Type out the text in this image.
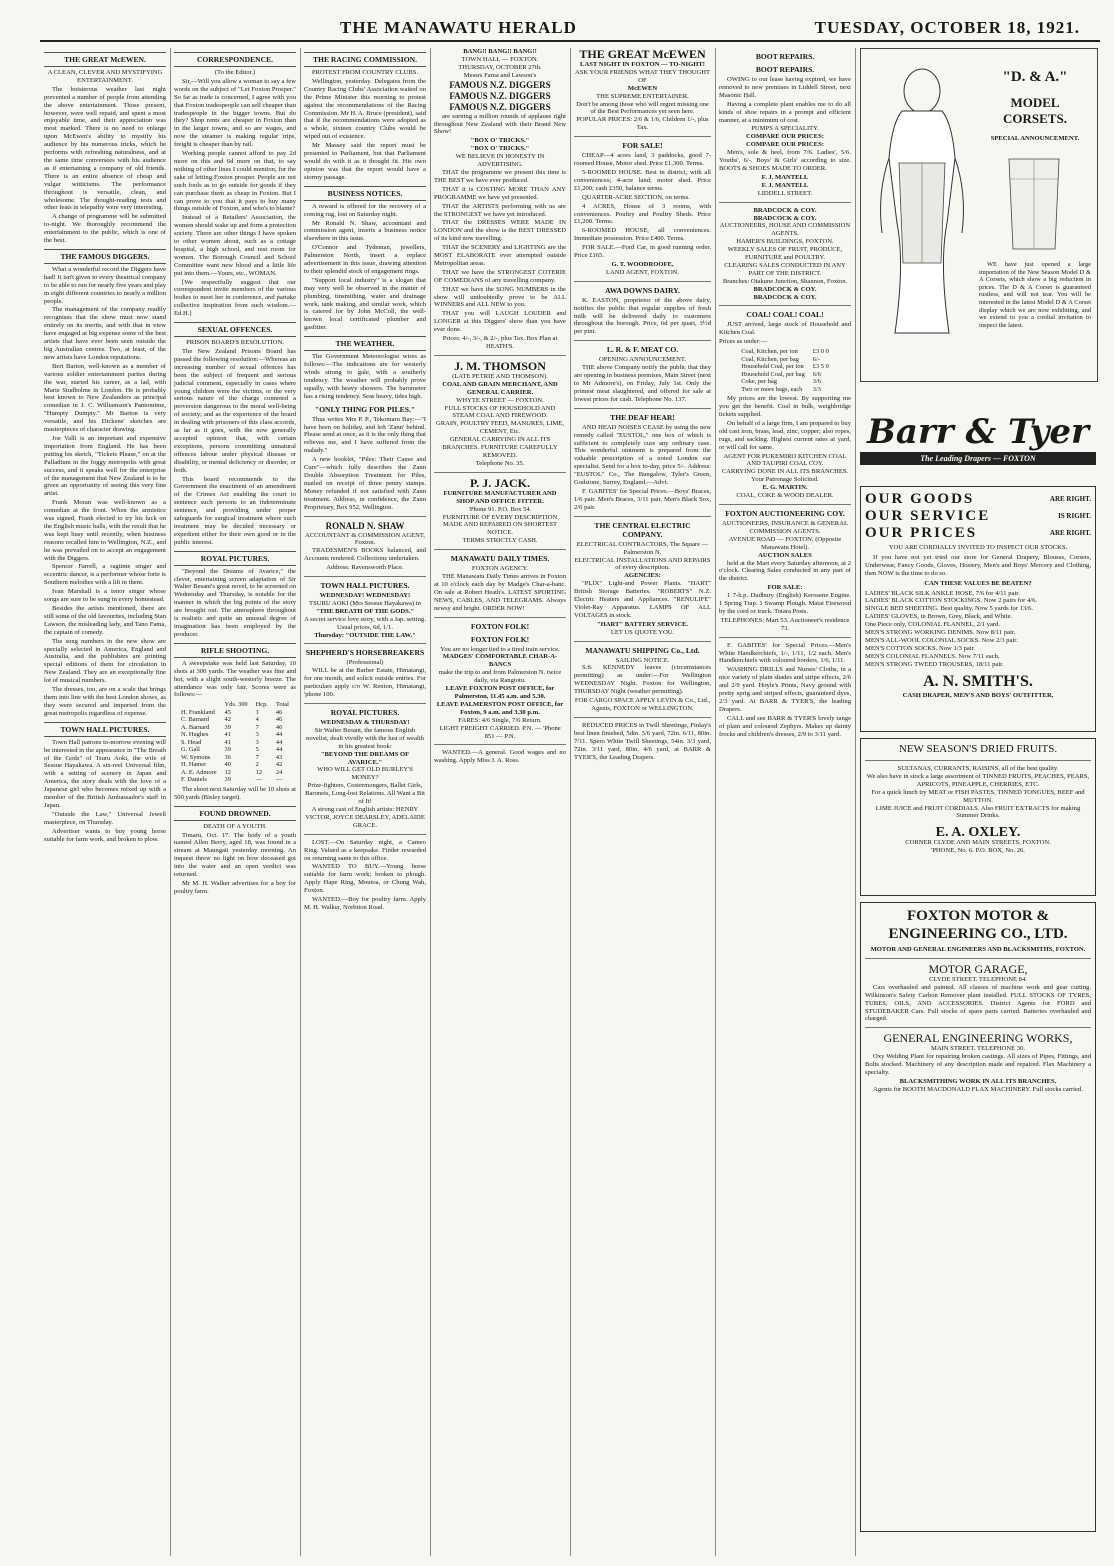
THE MANAWATU HERALD	TUESDAY, OCTOBER 18, 1921.
THE GREAT McEWEN.
A CLEAN, CLEVER AND MYSTIFYING ENTERTAINMENT.

The boisterous weather last night prevented a number of people from attending the above entertainment. Those present, however, were well repaid, and spent a most enjoyable time, and their appreciation was most marked. There is no need to enlarge upon McEwen's ability to mystify his audience by his numerous tricks, which he performs with refreshing naturalness, and at the same time conversees with his audience as if entertaining a company of old friends. There is an entire absence of cheap and vulgar witticisms. The performance throughout is versatile, clean, and wholesome. The thought-reading tests and other feats in telepathy were very interesting.

A change of programme will be submitted to-night. We thoroughly recommend the entertainment to the public, which is one of the best.

THE FAMOUS DIGGERS.

What a wonderful record the Diggers have had! It isn't given to every theatrical company to be able to run for nearly five years and play in eight different countries to nearly a million people.

The management of the company readily recognises that the show must now stand entirely on its merits, and with that in view have engaged at big expense some of the best artists that have ever been seen outside the big Australian centres. Two, at least, of the new artists have London reputations.

Bert Barton, well-known as a member of various soldier entertainment parties during the war, started his career, as a lad, with Marie Studholme in London. He is probably best known to New Zealanders as principal comedian in J. C. Williamson's Pantomime, "Humpty Dumpty." Mr Barton is very versatile, and his Dickens' sketches are masterpieces of character drawing.

Joe Valli is an important and expensive importation from England. He has been putting his sketch, "Tickets Please," on at the Palladium in the foggy metropolis with great success, and it speaks well for the enterprise of the management that New Zealand is to be given an opportunity of seeing this very fine artist.

Frank Moran was well-known as a comedian at the front. When the armistice was signed, Frank elected to try his luck on the English music halls, with the result that he was kept busy until recently, when business reasons recalled him to Wellington, N.Z., and he was prevailed on to accept an engagement with the Diggers.

Spencer Farrell, a ragtime singer and eccentric dancer, is a performer whose forte is Southern melodies with a lilt in them.

Ivan Marshall is a tenor singer whose songs are sure to be sung in every homestead.

Besides the artists mentioned, there are still some of the old favourites, including Stan Lawson, the misleading lady, and Tano Fama, the captain of comedy.

The song numbers in the new show are specially selected in America, England and Australia, and the publishers are printing special editions of them for circulation in New Zealand. They are an exceptionally fine lot of musical numbers.

The dresses, too, are on a scale that brings them into line with the best London shows, as they were secured and imported from the great metropolis regardless of expense.

TOWN HALL PICTURES.

Town Hall patrons to-morrow evening will be interested in the appearance in "The Breath of the Gods" of Tsuru Aoki, the wife of Sessue Hayakawa. A six-reel Universal film, with a setting of scenery in Japan and America, the story deals with the love of a Japanese girl who becomes mixed up with a member of the British Ambassador's staff in Japan.

"Outside the Law," Universal Jewell masterpiece, on Thursday.

Advertiser wants to buy young horse suitable for farm work, and broken to plow.

CORRESPONDENCE.
(To the Editor.)

Sir,—Will you allow a woman to say a few words on the subject of "Let Foxton Prosper." So far as trade is concerned, I agree with you that Foxton tradespeople can sell cheaper than tradespeople in the bigger towns. But do they? Shop rents are cheaper in Foxton than in the larger towns, and so are wages, and now the steamer is making regular trips, freight is cheaper than by rail.

Working people cannot afford to pay 2d more on this and 6d more on that, to say nothing of other lines I could mention, for the sake of letting Foxton prosper. People are not such fools as to go outside for goods if they can purchase them as cheap in Foxton. But I can prove to you that it pays to buy many things outside of Foxton, and who's to blame?

Instead of a Retailers' Association, the women should wake up and form a protection society. There are other things I have spoken to other women about, such as a cottage hospital, a high school, and rest room for women. The Borough Council and School Committee want new blood and a little life put into them.—Yours, etc., WOMAN.

[We respectfully suggest that our correspondent invite members of the various bodies to meet her in conference, and partake collective inspiration from such wisdom.—Ed.H.]

SEXUAL OFFENCES.
PRISON BOARD'S RESOLUTION.

The New Zealand Prisons Board has passed the following resolution:—Whereas an increasing number of sexual offences has been the subject of frequent and serious judicial comment, especially in cases where young children were the victims, or the very serious nature of the charge connoted a perversion dangerous to the moral well-being of society; and as the experience of the board in dealing with prisoners of this class accords, as far as it goes, with the now generally accepted opinion that, with certain exceptions, persons committing unnatural offences labour under physical disease or disability, or mental deficiency or disorder, or both.

This board recommends to the Government the enactment of an amendment of the Crimes Act enabling the court to sentence such persons to an indeterminate sentence, and providing under proper safeguards for surgical treatment where such treatment may be decided necessary or expedient either for their own good or in the public interest.

ROYAL PICTURES.

"Beyond the Dreams of Avarice," the clever, entertaining screen adaptation of Sir Walter Besant's great novel, to be screened on Wednesday and Thursday, is notable for the manner in which the big points of the story are brought out. The atmosphere throughout is realistic and quite an unusual degree of imagination has been employed by the producer.

RIFLE SHOOTING.

A sweepstake was held last Saturday, 10 shots at 300 yards. The weather was fine and hot, with a slight south-westerly breeze. The attendance was only fair. Scores were as follows:—

	Yds. 300	Hcp.	Total
H. Frankland	45	1	46
C. Barnard	42	4	46
A. Barnard	39	7	46
N. Hughes	41	3	44
S. Head	41	3	44
G. Gall	39	5	44
W. Symons	36	7	43
H. Hamer	40	2	42
A. E. Admore	12	12	24
F. Daniels	39	—	—

The shoot next Saturday will be 10 shots at 500 yards (Bisley target).

FOUND DROWNED.
DEATH OF A YOUTH.

Timaru, Oct. 17. The body of a youth named Allen Berry, aged 18, was found in a stream at Maungati yesterday morning. An inquest threw no light on how deceased got into the water and an open verdict was returned.

Mr M. H. Walker advertises for a boy for poultry farm.

THE RACING COMMISSION.
PROTEST FROM COUNTRY CLUBS.

Wellington, yesterday. Delegates from the Country Racing Clubs' Association waited on the Prime Minister this morning to protest against the recommendations of the Racing Commission. Mr H. A. Bruce (president), said that if the recommendations were adopted as a whole, sixteen country Clubs would be wiped out of existence.

Mr Massey said the report must be presented to Parliament, but that Parliament would do with it as it thought fit. His own opinion was that the report would have a stormy passage.

BUSINESS NOTICES.

A reward is offered for the recovery of a coming rug, lost on Saturday night.

Mr Ronald N. Shaw, accountant and commission agent, inserts a business notice elsewhere in this issue.

O'Connor and Tydeman, jewellers, Palmerston North, insert a replace advertisement in this issue, drawing attention to their splendid stock of engagement rings.

"Support local industry" is a slogan that may very well be observed in the matter of plumbing, tinsmithing, water and drainage work, tank making, and similar work, which is catered for by John McColl, the well-known local certificated plumber and gasfitter.

THE WEATHER.

The Government Meteorologist wires as follows:—The indications are for westerly winds strong to gale, with a southerly tendency. The weather will probably prove squally, with heavy showers. The barometer has a rising tendency. Seas heavy, tides high.

"ONLY THING FOR PILES."

Thus writes Mrs P. P., Tekomaru Bay:—"I have been on holiday, and left 'Zann' behind. Please send at once, as it is the only thing that relieves me, and I have suffered from the malady."

A new booklet, "Piles: Their Cause and Cure"—which fully describes the Zann Double Absorption Treatment for Piles, mailed on receipt of three penny stamps. Money refunded if not satisfied with Zann treatment. Address, in confidence, the Zann Proprietary, Box 952, Wellington.

RONALD N. SHAW
ACCOUNTANT & COMMISSION AGENT,
Foxton.

TRADESMEN'S BOOKS balanced, and Accounts rendered. Collections undertaken.

Address: Ravensworth Place.
TOWN HALL PICTURES.
WEDNESDAY! WEDNESDAY!
TSURU AOKI (Mrs Sessue Hayakawa) in
"THE BREATH OF THE GODS."
A secret service love story, with a Jap. setting. Usual prices, 6d, 1/1.
Thursday: "OUTSIDE THE LAW."
SHEPHERD'S HORSEBREAKERS
(Professional)

WILL be at the Barber Estate, Himatangi, for one month, and solicit outside entries. For particulars apply c/o W. Renton, Himatangi, 'phone 100.

ROYAL PICTURES.
WEDNESDAY & THURSDAY!
Sir Walter Besant, the famous English novelist, dealt vividly with the lust of wealth in his greatest book:
"BEYOND THE DREAMS OF AVARICE."
WHO WILL GET OLD BURLEY'S MONEY?
Prize-fighters, Costermongers, Ballet Girls, Baronets, Long-lost Relations. All Want a Bit of It!
A strong cast of English artists: HENRY VICTOR, JOYCE DEARSLEY, ADELAIDE GRACE.

LOST.—On Saturday night, a Cameo Ring. Valued as a keepsake. Finder rewarded on returning same to this office.

WANTED TO BUY.—Young horse suitable for farm work; broken to plough. Apply Hape Ring, Moutoa, or Chung Wah, Foxton.

WANTED.—Boy for poultry farm. Apply M. H. Walker, Norbiton Road.

BANG!! BANG!! BANG!!
TOWN HALL — FOXTON.
THURSDAY, OCTOBER 27th.
Messrs Fama and Lawson's
FAMOUS N.Z. DIGGERS
FAMOUS N.Z. DIGGERS
FAMOUS N.Z. DIGGERS

are earning a million rounds of applause right throughout New Zealand with their Brand New Show!

"BOX O' TRICKS."
"BOX O' TRICKS."
WE BELIEVE IN HONESTY IN ADVERTISING.

THAT the programme we present this time is THE BEST we have ever produced.

THAT it is COSTING MORE THAN ANY PROGRAMME we have yet presented.

THAT the ARTISTS performing with us are the STRONGEST we have yet introduced.

THAT the DRESSES WERE MADE IN LONDON and the show is the BEST DRESSED of its kind now travelling.

THAT the SCENERY and LIGHTING are the MOST ELABORATE ever attempted outside Metropolitan areas.

THAT we have the STRONGEST COTERIE OF COMEDIANS of any travelling company.

THAT we have the SONG NUMBERS in the show will undoubtedly prove to be ALL WINNERS and ALL NEW to you.

THAT you will LAUGH LOUDER and LONGER at this Diggers' show than you have ever done.

Prices: 4/-, 3/-, & 2/-, plus Tax. Box Plan at HEATH'S.
J. M. THOMSON
(LATE PETRIE AND THOMSON).
COAL AND GRAIN MERCHANT, AND GENERAL CARRIER.
WHYTE STREET — FOXTON.
FULL STOCKS OF HOUSEHOLD AND STEAM COAL AND FIREWOOD.
GRAIN, POULTRY FEED, MANURES, LIME, CEMENT, Etc.
GENERAL CARRYING IN ALL ITS BRANCHES. FURNITURE CAREFULLY REMOVED.
Telephone No. 35.
P. J. JACK.
FURNITURE MANUFACTURER AND SHOP AND OFFICE FITTER.
'Phone 91. P.O. Box 54.
FURNITURE OF EVERY DESCRIPTION MADE AND REPAIRED ON SHORTEST NOTICE.
TERMS STRICTLY CASH.
MANAWATU DAILY TIMES.
FOXTON AGENCY.

THE Manawatu Daily Times arrives in Foxton at 10 o'clock each day by Madge's Char-a-banc. On sale at Robert Heath's. LATEST SPORTING NEWS, CABLES, AND TELEGRAMS. Always newsy and bright. ORDER NOW!

FOXTON FOLK!
FOXTON FOLK!
You are no longer tied to a tired train service.
MADGES' COMFORTABLE CHAR-A-BANCS
make the trip to and from Palmerston N. twice daily, via Rangiotu.
LEAVE FOXTON POST OFFICE, for Palmerston, 11.45 a.m. and 5.30.
LEAVE PALMERSTON POST OFFICE, for Foxton, 9 a.m. and 3.30 p.m.
FARES: 4/6 Single, 7/6 Return.
LIGHT FREIGHT CARRIED. P.N. — 'Phone 851 — P.N.

WANTED.—A general. Good wages and no washing. Apply Miss J. A. Ross.

THE GREAT McEWEN
LAST NIGHT IN FOXTON — TO-NIGHT!
ASK YOUR FRIENDS WHAT THEY THOUGHT OF
McEWEN
THE SUPREME ENTERTAINER.
Don't be among those who will regret missing one of the Best Performances yet seen here.
POPULAR PRICES: 2/6 & 1/6, Children 1/-, plus Tax.
FOR SALE!

CHEAP—4 acres land, 3 paddocks, good 7-roomed House, Motor shed. Price £1,300. Terms.

5-ROOMED HOUSE. Best in district, with all conveniences; 4-acre land; motor shed. Price £1,200; cash £350, balance terms.

QUARTER-ACRE SECTION, on terms.

4 ACRES, House of 3 rooms, with conveniences. Poultry and Poultry Sheds. Price £1,200. Terms.

6-ROOMED HOUSE, all conveniences. Immediate possession. Price £400. Terms.

FOR SALE.—Ford Car, in good running order. Price £165.

G. T. WOODROOFE,
LAND AGENT, FOXTON.
AWA DOWNS DAIRY.

K. EASTON, proprietor of the above dairy, notifies the public that regular supplies of fresh milk will be delivered daily to customers throughout the borough. Price, 6d per quart, 3½d per pint.

L. R. & F. MEAT CO.
OPENING ANNOUNCEMENT.

THE above Company notify the public that they are opening in business premises, Main Street (next to Mr Admore's), on Friday, July 1st. Only the primest meat slaughtered, and offered for sale at lowest prices for cash. Telephone No. 137.

THE DEAF HEAR!

AND HEAD NOISES CEASE by using the new remedy called "EUSTOL," one box of which is sufficient to completely cure any ordinary case. This wonderful ointment is prepared from the valuable prescription of a noted London ear specialist. Send for a box to-day, price 5/-. Address: "EUSTOL" Co., The Bungalow, Tyler's Green, Godstone, Surrey, England.—Advt.

F. GABITES' for Special Prices.—Boys' Braces, 1/6 pair. Men's Braces, 3/11 pair. Men's Black Sox, 2/6 pair.

THE CENTRAL ELECTRIC COMPANY.
ELECTRICAL CONTRACTORS, The Square — Palmerston N.
ELECTRICAL INSTALLATIONS AND REPAIRS of every description.
AGENCIES:

"PLIX" Light-and Power Plants. "HART" British Storage Batteries. "ROBERTS" N.Z. Electric Heaters and Appliances. "RENULIFE" Violet-Ray Apparatus. LAMPS OF ALL VOLTAGES in stock.

"HART" BATTERY SERVICE.
LET US QUOTE YOU.
MANAWATU SHIPPING Co., Ltd.
SAILING NOTICE.

S.S. KENNEDY leaves (circumstances permitting) as under:—For Wellington WEDNESDAY Night. Foxton for Wellington, THURSDAY Night (weather permitting).

FOR CARGO SPACE APPLY LEVIN & Co., Ltd., Agents, FOXTON or WELLINGTON.

REDUCED PRICES in Twill Sheetings, Finlay's best linen finished, 5din. 5/6 yard, 72in. 6/11, 80in. 7/11. Spero White Twill Sheetings, 54in. 3/3 yard, 72in. 3/11 yard, 80in. 4/6 yard, at BARR & TYER'S, the Leading Drapers.

BOOT REPAIRS.
BOOT REPAIRS.

OWING to our lease having expired, we have removed to new premises in Liddell Street, next Masonic Hall.

Having a complete plant enables me to do all kinds of shoe repairs in a prompt and efficient manner, at a minimum of cost.

PUMPS A SPECIALITY.
COMPARE OUR PRICES:
COMPARE OUR PRICES:

Men's, sole & heel, from 7/6. Ladies', 5/6. Youths', 6/-. Boys' & Girls' according to size. BOOTS & SHOES MADE TO ORDER.

F. J. MANTELL
F. J. MANTELL
LIDDELL STREET.
BRADCOCK & COY.
BRADCOCK & COY.
AUCTIONEERS, HOUSE AND COMMISSION AGENTS.
HAMER'S BUILDINGS, FOXTON.
WEEKLY SALES OF FRUIT, PRODUCE, FURNITURE and POULTRY.
CLEARING SALES CONDUCTED IN ANY PART OF THE DISTRICT.
Branches: Otakune Junction, Shannon, Foxton.
BRADCOCK & COY.
BRADCOCK & COY.
COAL! COAL! COAL!

JUST arrived, large stock of Household and Kitchen Coal.

Prices as under:—
Coal, Kitchen, per ton	£3 0 0
Coal, Kitchen, per bag	6/-
Household Coal, per ton	£3 5 0
Household Coal, per bag	6/6
Coke, per bag	3/6
Two or more bags, each	3/3

My prices are the lowest. By supporting me you get the benefit. Coal in bulk, weighbridge tickets supplied.

On behalf of a large firm, I am prepared to buy old cast iron, brass, lead, zinc, copper; also ropes, rugs, and sacking. Highest current rates at yard, or will call for same.

AGENT FOR PUKEMIRO KITCHEN COAL AND TAUPIRI COAL COY.
CARRYING DONE IN ALL ITS BRANCHES. Your Patronage Solicited.
E. G. MARTIN.
COAL, COKE & WOOD DEALER.
FOXTON AUCTIONEERING COY.
AUCTIONEERS, INSURANCE & GENERAL COMMISSION AGENTS.
AVENUE ROAD — FOXTON. (Opposite Manawatu Hotel).
AUCTION SALES

held at the Mart every Saturday afternoon, at 2 o'clock. Clearing Sales conducted in any part of the district.

FOR SALE:

1 7-h.p. Dudbury (English) Kerosene Engine. 1 Spring Trap. 1 Swamp Plough. Matai Firewood by the cord or truck. Totara Posts.

TELEPHONES: Mart 53. Auctioneer's residence 73.

F. GABITES' for Special Prices.—Men's White Handkerchiefs, 1/-, 1/11, 1/2 each. Men's Handkerchiefs with coloured borders, 1/6, 1/11.

WASHING DRILLS and Nurses' Cloths, in a nice variety of plain shades and stripe effects, 2/6 and 2/9 yard. Hoyle's Prints, Navy ground with pretty sprig and striped effects, guaranteed dyes, 2/3 yard. At BARR & TYER'S, the leading Drapers.

CALL and see BARR & TYER'S lovely range of plain and coloured Zephyrs. Makes up dainty frocks and children's dresses, 2/9 to 3/11 yard.

"D. & A."
MODEL CORSETS.
SPECIAL ANNOUNCEMENT.

WE have just opened a large importation of the New Season Model D & A Corsets, which show a big reduction in prices. The D & A Corset is guaranteed rustless, and will not tear. You will be interested in the latest Model D & A Corset display which we are now exhibiting, and we extend to you a cordial invitation to inspect the latest.

Barr & Tyer
The Leading Drapers — FOXTON
OUR GOODS	ARE RIGHT.
OUR SERVICE	IS RIGHT.
OUR PRICES	ARE RIGHT.
YOU ARE CORDIALLY INVITED TO INSPECT OUR STOCKS.

If you have not yet tried our store for General Drapery, Blouses, Corsets, Underwear, Fancy Goods, Gloves, Hosiery, Men's and Boys' Mercery and Clothing, then NOW is the time to do so.

CAN THESE VALUES BE BEATEN?
LADIES' BLACK SILK ANKLE HOSE, 7/6 for 4/11 pair.
LADIES' BLACK COTTON STOCKINGS. Now 2 pairs for 4/6.
SINGLE BED SHEETING. Best quality. Now 5 yards for 13/6.
LADIES' GLOVES, in Brown, Grey, Black, and White.
One Piece only, COLONIAL FLANNEL, 2/1 yard.
MEN'S STRONG WORKING DENIMS. Now 8/11 pair.
MEN'S ALL-WOOL COLONIAL SOCKS. Now 2/3 pair.
MEN'S COTTON SOCKS. Now 1/3 pair.
MEN'S COLONIAL FLANNELS. Now 7/11 each.
MEN'S STRONG TWEED TROUSERS, 18/11 pair.
A. N. SMITH'S.
CASH DRAPER, MEN'S AND BOYS' OUTFITTER,
NEW SEASON'S DRIED FRUITS.
SULTANAS, CURRANTS, RAISINS, all of the best quality.
We also have in stock a large assortment of TINNED FRUITS, PEACHES, PEARS, APRICOTS, PINEAPPLE, CHERRIES, ETC.
For a quick lunch try MEAT or FISH PASTES, TINNED TONGUES, BEEF and MUTTON.
LIME JUICE and FRUIT CORDIALS. Also FRUIT EXTRACTS for making Summer Drinks.
E. A. OXLEY.
CORNER CLYDE AND MAIN STREETS, FOXTON.
'PHONE, No. 6. P.O. BOX, No. 26.
FOXTON MOTOR & ENGINEERING CO., LTD.
MOTOR AND GENERAL ENGINEERS AND BLACKSMITHS, FOXTON.
MOTOR GARAGE,
CLYDE STREET. TELEPHONE 84.

Cars overhauled and painted. All classes of machine work and gear cutting. Wilkinson's Safety Carbon Remover plant installed. FULL STOCKS OF TYRES, TUBES, OILS, AND ACCESSORIES. District Agents for FORD and STUDEBAKER Cars. Full stocks of spare parts carried. Batteries overhauled and charged.

GENERAL ENGINEERING WORKS,
MAIN STREET. TELEPHONE 30.

Oxy Welding Plant for repairing broken castings. All sizes of Pipes, Fittings, and Bolts stocked. Machinery of any description made and repaired. Flax Machinery a specialty.

BLACKSMITHING WORK IN ALL ITS BRANCHES.
Agents for BOOTH MACDONALD FLAX MACHINERY. Full stocks carried.
